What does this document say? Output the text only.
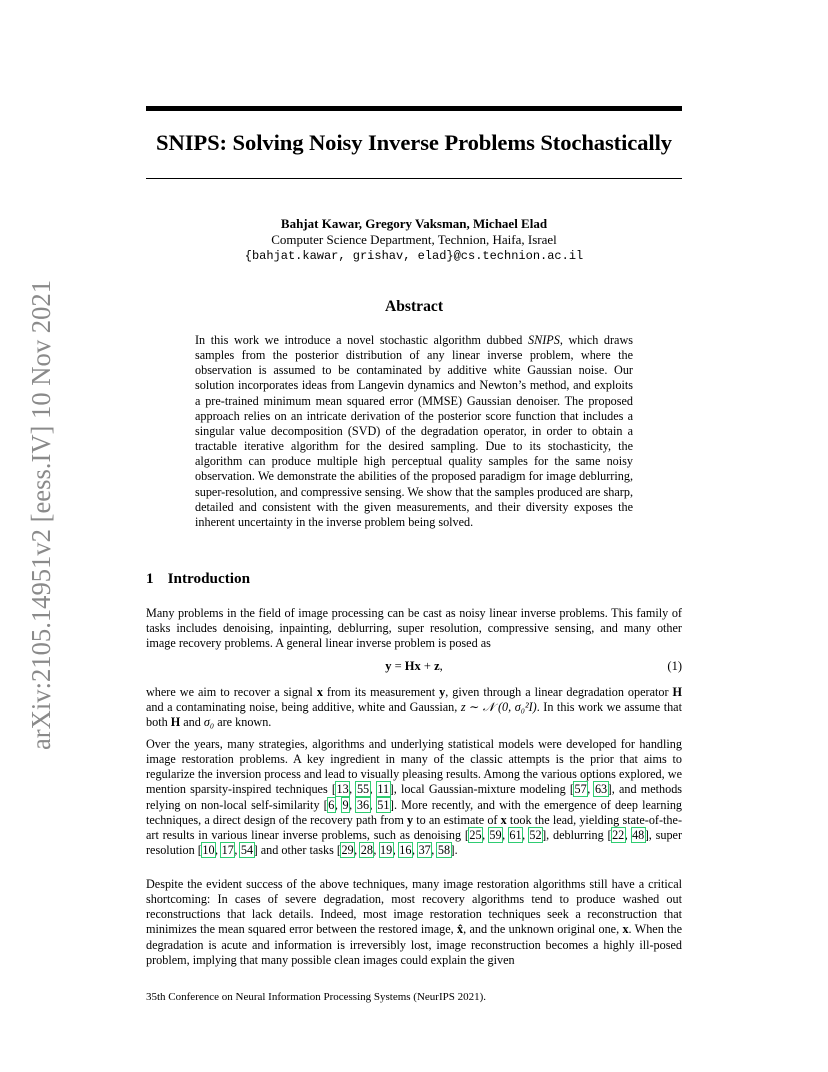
arXiv:2105.14951v2 [eess.IV] 10 Nov 2021
SNIPS: Solving Noisy Inverse Problems Stochastically
Bahjat Kawar, Gregory Vaksman, Michael Elad
Computer Science Department, Technion, Haifa, Israel
{bahjat.kawar, grishav, elad}@cs.technion.ac.il
Abstract

In this work we introduce a novel stochastic algorithm dubbed SNIPS, which draws samples from the posterior distribution of any linear inverse problem, where the observation is assumed to be contaminated by additive white Gaussian noise. Our solution incorporates ideas from Langevin dynamics and Newton’s method, and exploits a pre-trained minimum mean squared error (MMSE) Gaussian denoiser. The proposed approach relies on an intricate derivation of the posterior score function that includes a singular value decomposition (SVD) of the degradation operator, in order to obtain a tractable iterative algorithm for the desired sampling. Due to its stochasticity, the algorithm can produce multiple high perceptual quality samples for the same noisy observation. We demonstrate the abilities of the proposed paradigm for image deblurring, super-resolution, and compressive sensing. We show that the samples produced are sharp, detailed and consistent with the given measurements, and their diversity exposes the inherent uncertainty in the inverse problem being solved.

1 Introduction

Many problems in the field of image processing can be cast as noisy linear inverse problems. This family of tasks includes denoising, inpainting, deblurring, super resolution, compressive sensing, and many other image recovery problems. A general linear inverse problem is posed as

y = Hx + z,	(1)

where we aim to recover a signal x from its measurement y, given through a linear degradation operator H and a contaminating noise, being additive, white and Gaussian, z ∼ 𝒩 (0, σ₀²I). In this work we assume that both H and σ₀ are known.

Over the years, many strategies, algorithms and underlying statistical models were developed for handling image restoration problems. A key ingredient in many of the classic attempts is the prior that aims to regularize the inversion process and lead to visually pleasing results. Among the various options explored, we mention sparsity-inspired techniques [13, 55, 11], local Gaussian-mixture modeling [57, 63], and methods relying on non-local self-similarity [6, 9, 36, 51]. More recently, and with the emergence of deep learning techniques, a direct design of the recovery path from y to an estimate of x took the lead, yielding state-of-the-art results in various linear inverse problems, such as denoising [25, 59, 61, 52], deblurring [22, 48], super resolution [10, 17, 54] and other tasks [29, 28, 19, 16, 37, 58].

Despite the evident success of the above techniques, many image restoration algorithms still have a critical shortcoming: In cases of severe degradation, most recovery algorithms tend to produce washed out reconstructions that lack details. Indeed, most image restoration techniques seek a reconstruction that minimizes the mean squared error between the restored image, x̂, and the unknown original one, x. When the degradation is acute and information is irreversibly lost, image reconstruction becomes a highly ill-posed problem, implying that many possible clean images could explain the given

35th Conference on Neural Information Processing Systems (NeurIPS 2021).
